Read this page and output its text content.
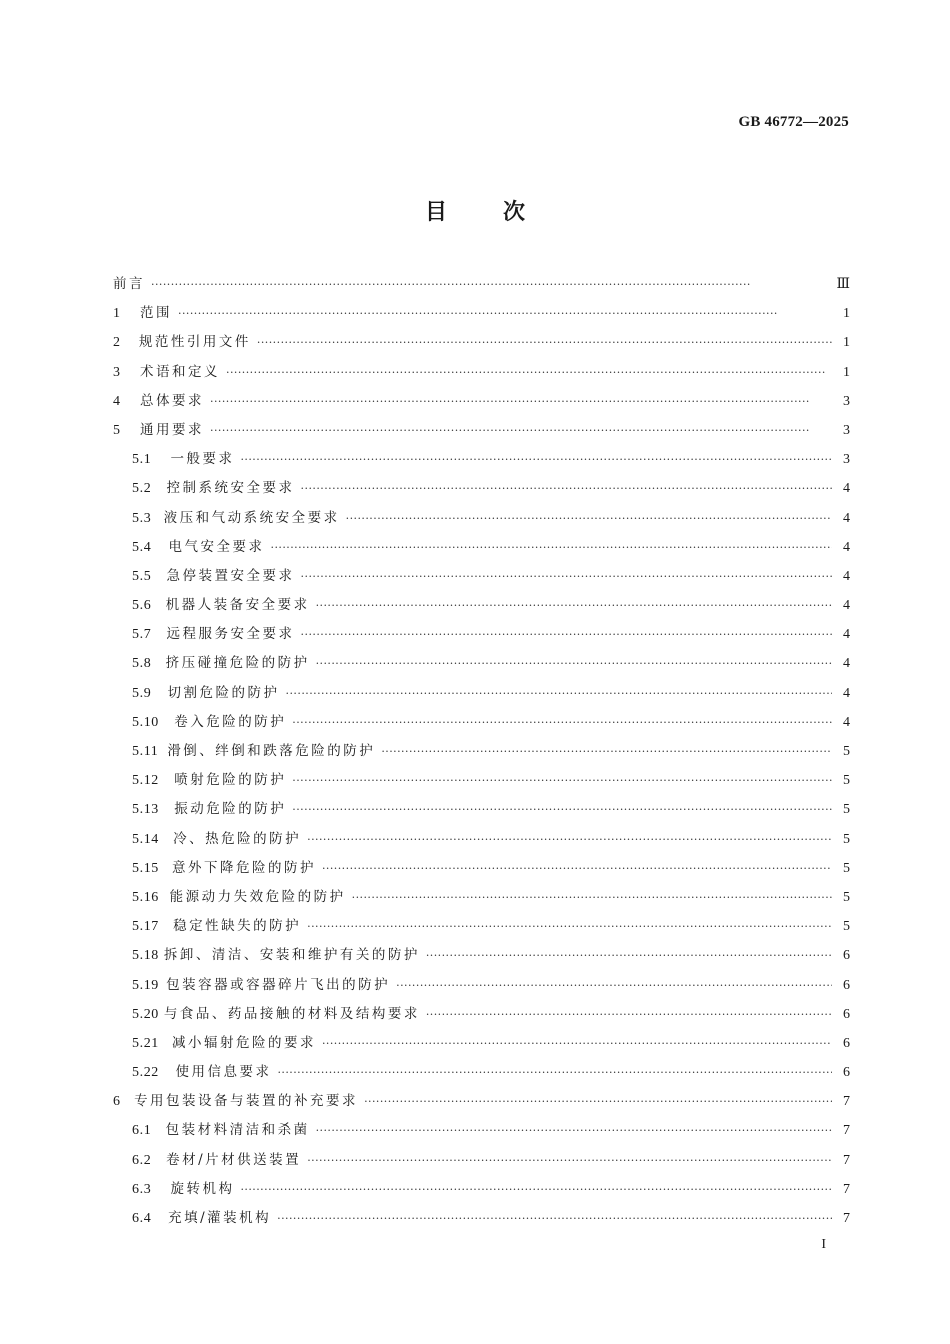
GB 46772—2025
目次
前言 ·····	Ⅲ
1	范围 ·····	1
2	规范性引用文件 ·····	1
3	术语和定义 ·····	1
4	总体要求 ·····	3
5	通用要求 ·····	3
5.1	一般要求 ·····	3
5.2	控制系统安全要求 ·····	4
5.3 液压和气动系统安全要求 ·····	4
5.4	电气安全要求 ·····	4
5.5	急停装置安全要求 ·····	4
5.6	机器人装备安全要求 ·····	4
5.7	远程服务安全要求 ·····	4
5.8	挤压碰撞危险的防护 ·····	4
5.9	切割危险的防护 ·····	4
5.10	卷入危险的防护 ·····	4
5.11 滑倒、绊倒和跌落危险的防护 ·····	5
5.12	喷射危险的防护 ·····	5
5.13	振动危险的防护 ·····	5
5.14	冷、热危险的防护 ·····	5
5.15 意外下降危险的防护 ·····	5
5.16 能源动力失效危险的防护 ·····	5
5.17	稳定性缺失的防护 ·····	5
5.18 拆卸、清洁、安装和维护有关的防护 ·····	6
5.19 包装容器或容器碎片飞出的防护 ·····	6
5.20 与食品、药品接触的材料及结构要求 ·····	6
5.21 减小辐射危险的要求 ·····	6
5.22	使用信息要求 ·····	6
6 专用包装设备与装置的补充要求 ·····	7
6.1	包装材料清洁和杀菌 ·····	7
6.2	卷材/片材供送装置 ·····	7
6.3	旋转机构 ·····	7
6.4	充填/灌装机构 ·····	7
I
